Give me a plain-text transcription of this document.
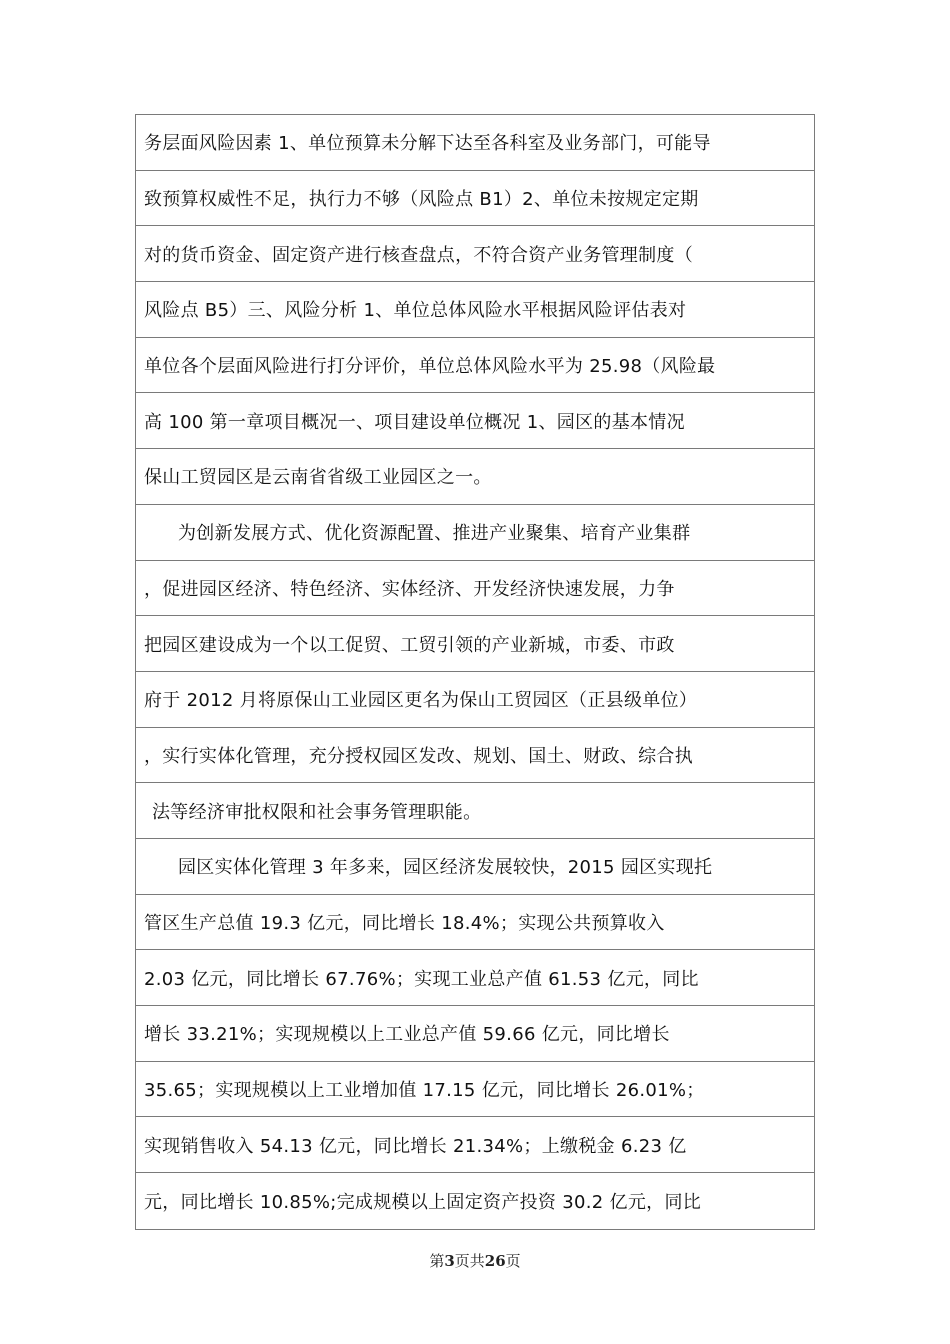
务层面风险因素 1、单位预算未分解下达至各科室及业务部门，可能导
致预算权威性不足，执行力不够（风险点 B1）2、单位未按规定定期
对的货币资金、固定资产进行核查盘点，不符合资产业务管理制度（
风险点 B5）三、风险分析 1、单位总体风险水平根据风险评估表对
单位各个层面风险进行打分评价，单位总体风险水平为 25.98（风险最
高 100 第一章项目概况一、项目建设单位概况 1、园区的基本情况
保山工贸园区是云南省省级工业园区之一。
为创新发展方式、优化资源配置、推进产业聚集、培育产业集群
，促进园区经济、特色经济、实体经济、开发经济快速发展，力争
把园区建设成为一个以工促贸、工贸引领的产业新城，市委、市政
府于 2012 月将原保山工业园区更名为保山工贸园区（正县级单位）
，实行实体化管理，充分授权园区发改、规划、国土、财政、综合执
法等经济审批权限和社会事务管理职能。
园区实体化管理 3 年多来，园区经济发展较快，2015 园区实现托
管区生产总值 19.3 亿元，同比增长 18.4%；实现公共预算收入
2.03 亿元，同比增长 67.76%；实现工业总产值 61.53 亿元，同比
增长 33.21%；实现规模以上工业总产值 59.66 亿元，同比增长
35.65；实现规模以上工业增加值 17.15 亿元，同比增长 26.01%；
实现销售收入 54.13 亿元，同比增长 21.34%；上缴税金 6.23 亿
元，同比增长 10.85%;完成规模以上固定资产投资 30.2 亿元，同比
第3页共26页
